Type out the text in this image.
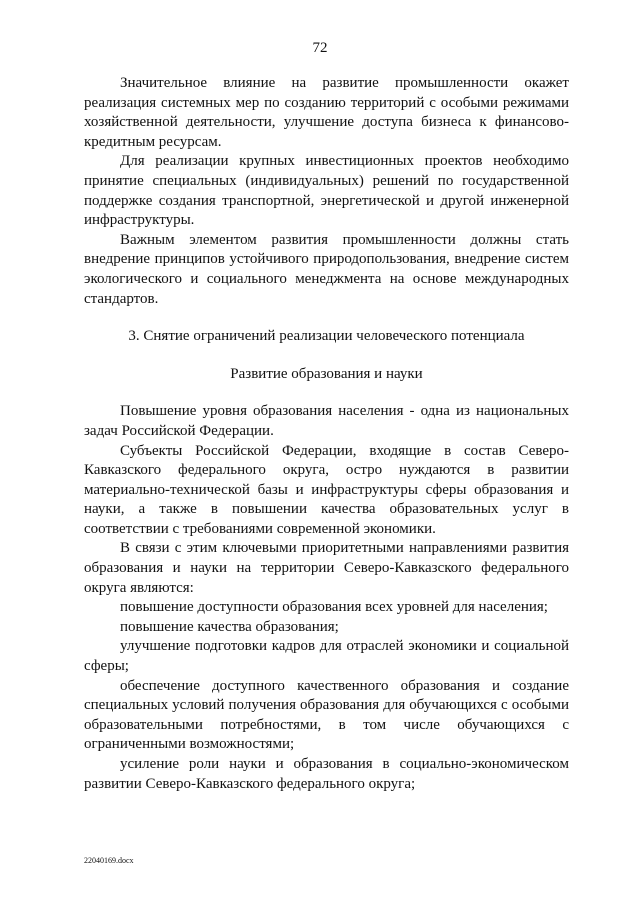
72

Значительное влияние на развитие промышленности окажет реализация системных мер по созданию территорий с особыми режимами хозяйственной деятельности, улучшение доступа бизнеса к финансово-кредитным ресурсам.

Для реализации крупных инвестиционных проектов необходимо принятие специальных (индивидуальных) решений по государственной поддержке создания транспортной, энергетической и другой инженерной инфраструктуры.

Важным элементом развития промышленности должны стать внедрение принципов устойчивого природопользования, внедрение систем экологического и социального менеджмента на основе международных стандартов.

3. Снятие ограничений реализации человеческого потенциала

Развитие образования и науки

Повышение уровня образования населения - одна из национальных задач Российской Федерации.

Субъекты Российской Федерации, входящие в состав Северо-Кавказского федерального округа, остро нуждаются в развитии материально-технической базы и инфраструктуры сферы образования и науки, а также в повышении качества образовательных услуг в соответствии с требованиями современной экономики.

В связи с этим ключевыми приоритетными направлениями развития образования и науки на территории Северо-Кавказского федерального округа являются:

повышение доступности образования всех уровней для населения;

повышение качества образования;

улучшение подготовки кадров для отраслей экономики и социальной сферы;

обеспечение доступного качественного образования и создание специальных условий получения образования для обучающихся с особыми образовательными потребностями, в том числе обучающихся с ограниченными возможностями;

усиление роли науки и образования в социально-экономическом развитии Северо-Кавказского федерального округа;

22040169.docx
